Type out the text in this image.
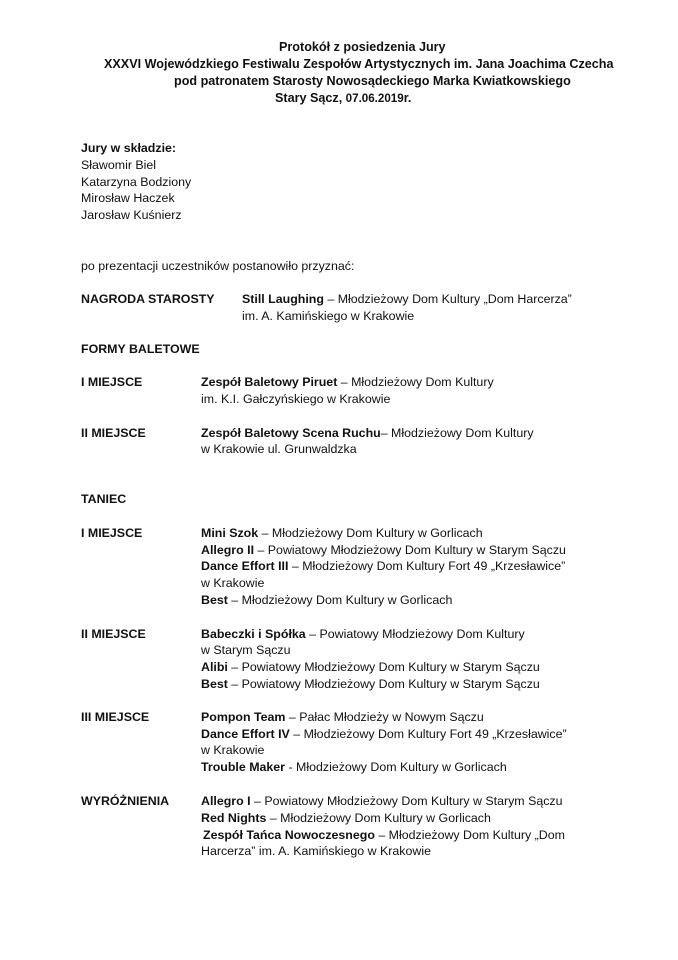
Protokół z posiedzenia Jury
XXXVI Wojewódzkiego Festiwalu Zespołów Artystycznych im. Jana Joachima Czecha
pod patronatem Starosty Nowosądeckiego Marka Kwiatkowskiego
Stary Sącz, 07.06.2019r.
Jury w składzie:
Sławomir Biel
Katarzyna Bodziony
Mirosław Haczek
Jarosław Kuśnierz
po prezentacji uczestników postanowiło przyznać:
NAGRODA STAROSTY Still Laughing – Młodzieżowy Dom Kultury „Dom Harcerza”
im. A. Kamińskiego w Krakowie
FORMY BALETOWE
I MIEJSCE	Zespół Baletowy Piruet – Młodzieżowy Dom Kultury
im. K.I. Gałczyńskiego w Krakowie
II MIEJSCE	Zespół Baletowy Scena Ruchu– Młodzieżowy Dom Kultury
w Krakowie ul. Grunwaldzka
TANIEC
I MIEJSCE	Mini Szok – Młodzieżowy Dom Kultury w Gorlicach
Allegro II – Powiatowy Młodzieżowy Dom Kultury w Starym Sączu
Dance Effort III – Młodzieżowy Dom Kultury Fort 49 „Krzesławice”
w Krakowie
Best – Młodzieżowy Dom Kultury w Gorlicach
II MIEJSCE	Babeczki i Spółka – Powiatowy Młodzieżowy Dom Kultury
w Starym Sączu
Alibi – Powiatowy Młodzieżowy Dom Kultury w Starym Sączu
Best – Powiatowy Młodzieżowy Dom Kultury w Starym Sączu
III MIEJSCE	Pompon Team – Pałac Młodzieży w Nowym Sączu
Dance Effort IV – Młodzieżowy Dom Kultury Fort 49 „Krzesławice”
w Krakowie
Trouble Maker - Młodzieżowy Dom Kultury w Gorlicach
WYRÓŻNIENIA	Allegro I – Powiatowy Młodzieżowy Dom Kultury w Starym Sączu
Red Nights – Młodzieżowy Dom Kultury w Gorlicach
Zespół Tańca Nowoczesnego – Młodzieżowy Dom Kultury „Dom
Harcerza” im. A. Kamińskiego w Krakowie
